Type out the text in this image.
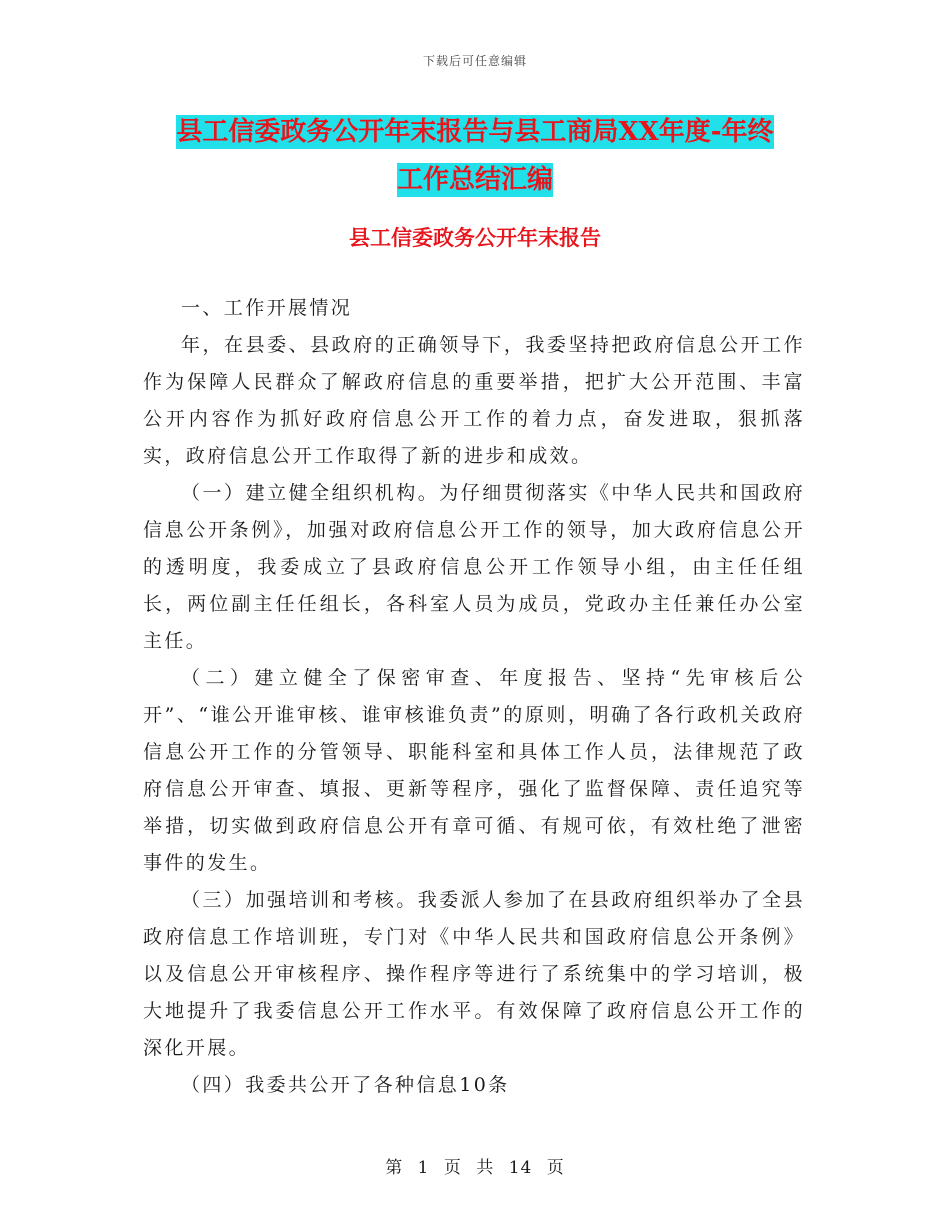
下载后可任意编辑
县工信委政务公开年末报告与县工商局XX年度-年终
工作总结汇编
县工信委政务公开年末报告

一、工作开展情况

年，在县委、县政府的正确领导下，我委坚持把政府信息公开工作作为保障人民群众了解政府信息的重要举措，把扩大公开范围、丰富公开内容作为抓好政府信息公开工作的着力点，奋发进取，狠抓落实，政府信息公开工作取得了新的进步和成效。

（一）建立健全组织机构。为仔细贯彻落实《中华人民共和国政府信息公开条例》，加强对政府信息公开工作的领导，加大政府信息公开的透明度，我委成立了县政府信息公开工作领导小组，由主任任组长，两位副主任任组长，各科室人员为成员，党政办主任兼任办公室主任。

（二）建立健全了保密审查、年度报告、坚持“先审核后公开”、“谁公开谁审核、谁审核谁负责”的原则，明确了各行政机关政府信息公开工作的分管领导、职能科室和具体工作人员，法律规范了政府信息公开审查、填报、更新等程序，强化了监督保障、责任追究等举措，切实做到政府信息公开有章可循、有规可依，有效杜绝了泄密事件的发生。

（三）加强培训和考核。我委派人参加了在县政府组织举办了全县政府信息工作培训班，专门对《中华人民共和国政府信息公开条例》以及信息公开审核程序、操作程序等进行了系统集中的学习培训，极大地提升了我委信息公开工作水平。有效保障了政府信息公开工作的深化开展。

（四）我委共公开了各种信息10条

第 1 页 共 14 页
